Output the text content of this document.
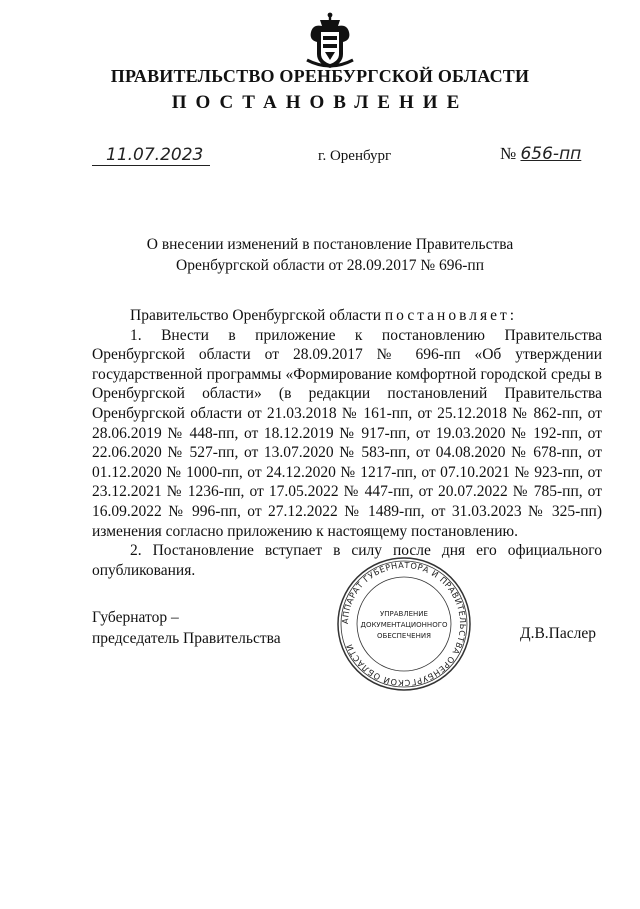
ПРАВИТЕЛЬСТВО ОРЕНБУРГСКОЙ ОБЛАСТИ
ПОСТАНОВЛЕНИЕ
11.07.2023	г. Оренбург	№ 656-пп
О внесении изменений в постановление Правительства
Оренбургской области от 28.09.2017 № 696-пп

Правительство Оренбургской области постановляет:

1. Внести в приложение к постановлению Правительства Оренбургской области от 28.09.2017 № 696-пп «Об утверждении государственной программы «Формирование комфортной городской среды в Оренбургской области» (в редакции постановлений Правительства Оренбургской области от 21.03.2018 № 161-пп, от 25.12.2018 № 862-пп, от 28.06.2019 № 448-пп, от 18.12.2019 № 917-пп, от 19.03.2020 № 192-пп, от 22.06.2020 № 527-пп, от 13.07.2020 № 583-пп, от 04.08.2020 № 678-пп, от 01.12.2020 № 1000-пп, от 24.12.2020 № 1217-пп, от 07.10.2021 № 923-пп, от 23.12.2021 № 1236-пп, от 17.05.2022 № 447-пп, от 20.07.2022 № 785-пп, от 16.09.2022 № 996-пп, от 27.12.2022 № 1489-пп, от 31.03.2023 № 325-пп) изменения согласно приложению к настоящему постановлению.

2. Постановление вступает в силу после дня его официального опубликования.

Губернатор –
председатель Правительства
АППАРАТ ГУБЕРНАТОРА И ПРАВИТЕЛЬСТВА ОРЕНБУРГСКОЙ ОБЛАСТИ
УПРАВЛЕНИЕ
ДОКУМЕНТАЦИОННОГО
ОБЕСПЕЧЕНИЯ	Д.В.Паслер
